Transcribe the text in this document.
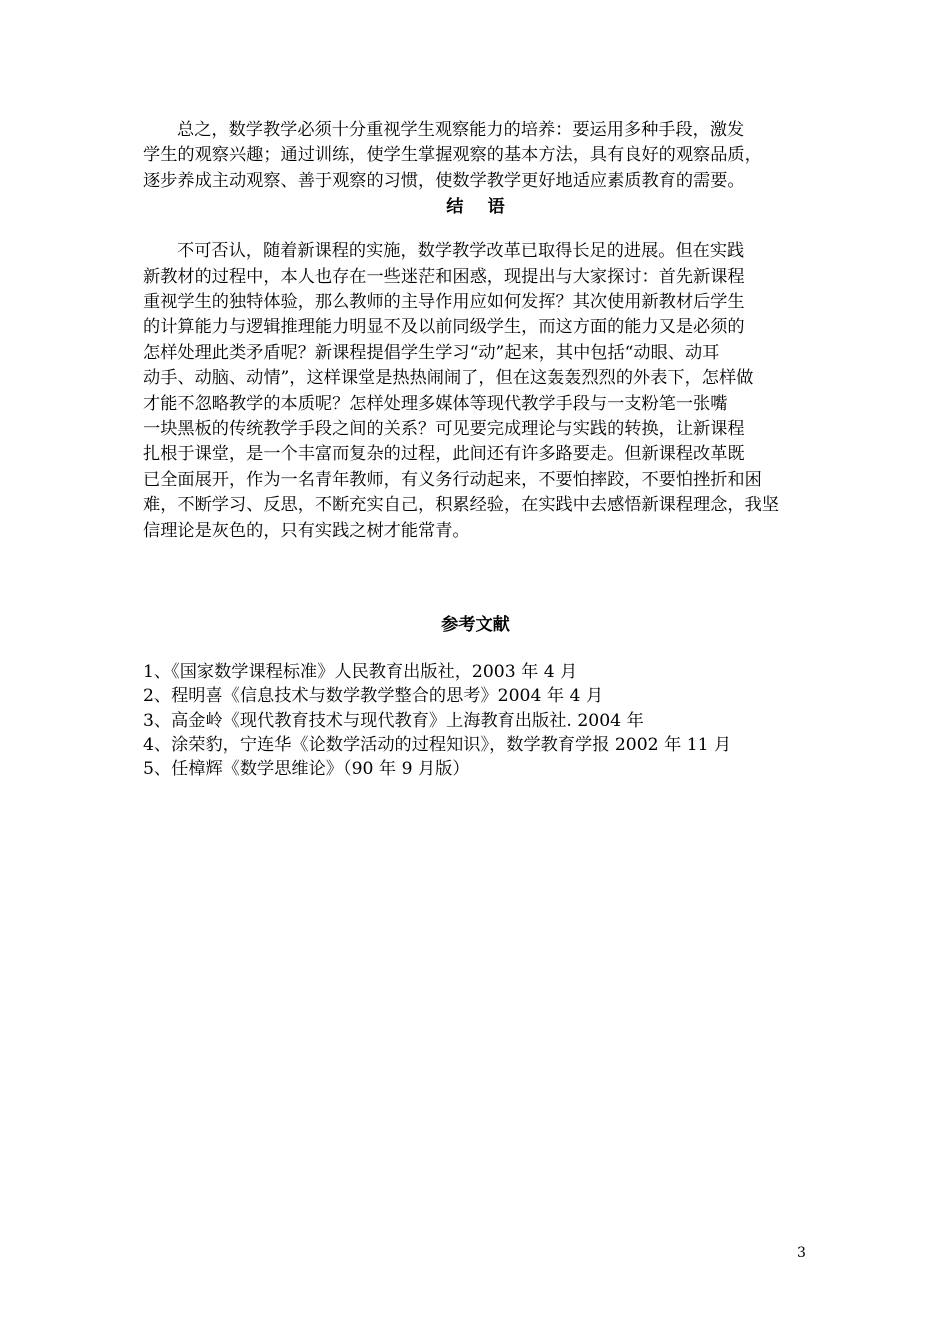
总之，数学教学必须十分重视学生观察能力的培养：要运用多种手段，激发
学生的观察兴趣；通过训练，使学生掌握观察的基本方法，具有良好的观察品质，
逐步养成主动观察、善于观察的习惯，使数学教学更好地适应素质教育的需要。
结语
不可否认，随着新课程的实施，数学教学改革已取得长足的进展。但在实践
新教材的过程中，本人也存在一些迷茫和困惑，现提出与大家探讨：首先新课程
重视学生的独特体验，那么教师的主导作用应如何发挥？其次使用新教材后学生
的计算能力与逻辑推理能力明显不及以前同级学生，而这方面的能力又是必须的
怎样处理此类矛盾呢？新课程提倡学生学习“动”起来，其中包括“动眼、动耳
动手、动脑、动情”，这样课堂是热热闹闹了，但在这轰轰烈烈的外表下，怎样做
才能不忽略教学的本质呢？怎样处理多媒体等现代教学手段与一支粉笔一张嘴
一块黑板的传统教学手段之间的关系？可见要完成理论与实践的转换，让新课程
扎根于课堂，是一个丰富而复杂的过程，此间还有许多路要走。但新课程改革既
已全面展开，作为一名青年教师，有义务行动起来，不要怕摔跤，不要怕挫折和困
难，不断学习、反思，不断充实自己，积累经验，在实践中去感悟新课程理念，我坚
信理论是灰色的，只有实践之树才能常青。
参考文献
1、《国家数学课程标准》人民教育出版社，2003 年 4 月
2、程明喜《信息技术与数学教学整合的思考》2004 年 4 月
3、高金岭《现代教育技术与现代教育》上海教育出版社. 2004 年
4、涂荣豹，宁连华《论数学活动的过程知识》，数学教育学报 2002 年 11 月
5、任樟辉《数学思维论》（90 年 9 月版）
3
